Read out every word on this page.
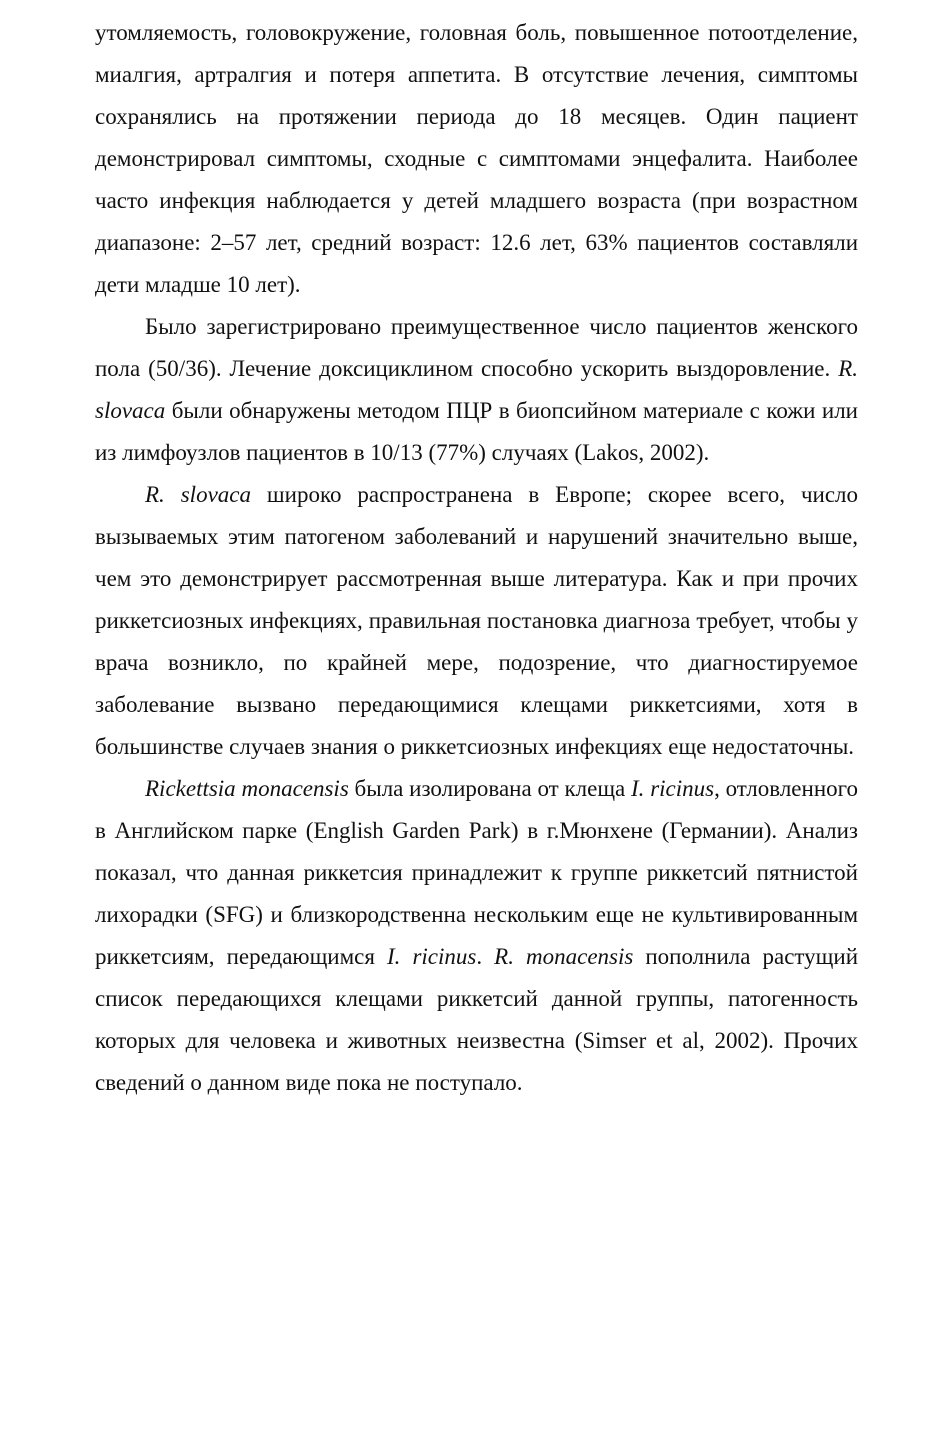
утомляемость, головокружение, головная боль, повышенное потоотделение, миалгия, артралгия и потеря аппетита. В отсутствие лечения, симптомы сохранялись на протяжении периода до 18 месяцев. Один пациент демонстрировал симптомы, сходные с симптомами энцефалита. Наиболее часто инфекция наблюдается у детей младшего возраста (при возрастном диапазоне: 2–57 лет, средний возраст: 12.6 лет, 63% пациентов составляли дети младше 10 лет).

Было зарегистрировано преимущественное число пациентов женского пола (50/36). Лечение доксициклином способно ускорить выздоровление. R. slovaca были обнаружены методом ПЦР в биопсийном материале с кожи или из лимфоузлов пациентов в 10/13 (77%) случаях (Lakos, 2002).

R. slovaca широко распространена в Европе; скорее всего, число вызываемых этим патогеном заболеваний и нарушений значительно выше, чем это демонстрирует рассмотренная выше литература. Как и при прочих риккетсиозных инфекциях, правильная постановка диагноза требует, чтобы у врача возникло, по крайней мере, подозрение, что диагностируемое заболевание вызвано передающимися клещами риккетсиями, хотя в большинстве случаев знания о риккетсиозных инфекциях еще недостаточны.

Rickettsia monacensis была изолирована от клеща I. ricinus, отловленного в Английском парке (English Garden Park) в г.Мюнхене (Германии). Анализ показал, что данная риккетсия принадлежит к группе риккетсий пятнистой лихорадки (SFG) и близкородственна нескольким еще не культивированным риккетсиям, передающимся I. ricinus. R. monacensis пополнила растущий список передающихся клещами риккетсий данной группы, патогенность которых для человека и животных неизвестна (Simser et al, 2002). Прочих сведений о данном виде пока не поступало.
